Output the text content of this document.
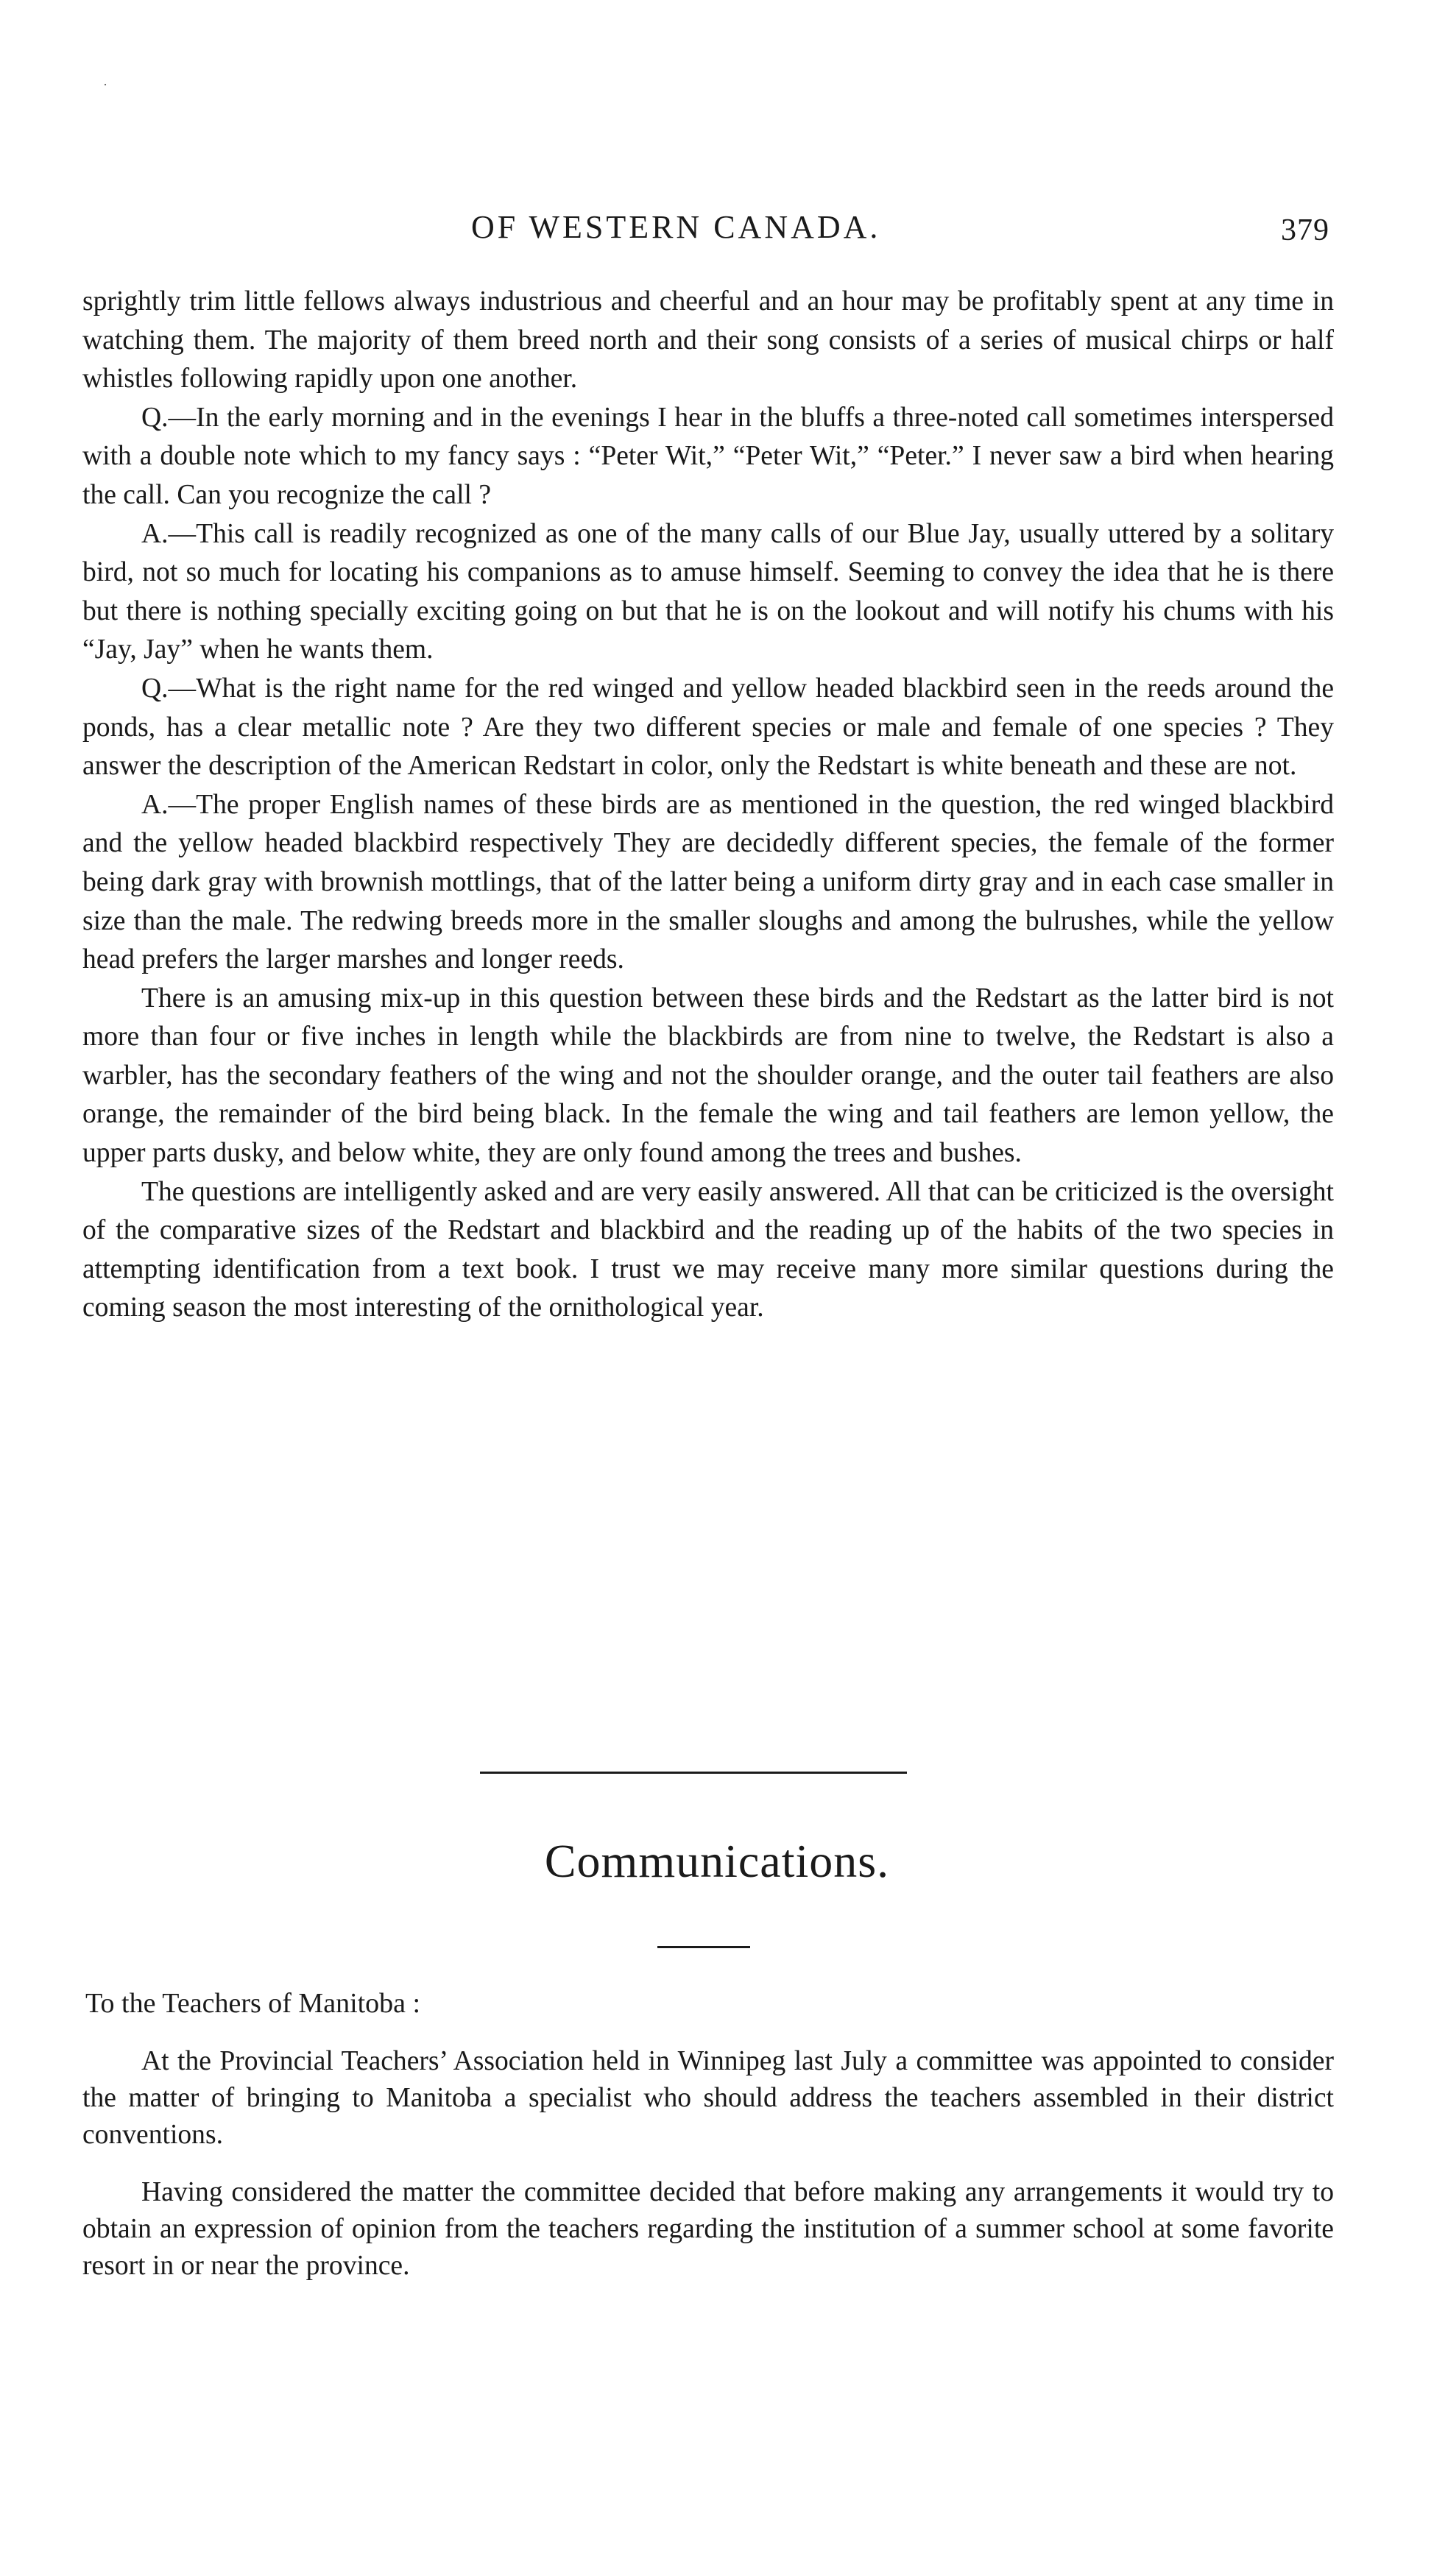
·
OF WESTERN CANADA.	379

sprightly trim little fellows always industrious and cheerful and an hour may be profitably spent at any time in watching them. The majority of them breed north and their song consists of a series of musical chirps or half whistles following rapidly upon one another.

Q.—In the early morning and in the evenings I hear in the bluffs a three-noted call sometimes interspersed with a double note which to my fancy says : “Peter Wit,” “Peter Wit,” “Peter.” I never saw a bird when hearing the call. Can you recognize the call ?

A.—This call is readily recognized as one of the many calls of our Blue Jay, usually uttered by a solitary bird, not so much for locating his companions as to amuse himself. Seeming to convey the idea that he is there but there is nothing specially exciting going on but that he is on the lookout and will notify his chums with his “Jay, Jay” when he wants them.

Q.—What is the right name for the red winged and yellow headed blackbird seen in the reeds around the ponds, has a clear metallic note ? Are they two different species or male and female of one species ? They answer the description of the American Redstart in color, only the Redstart is white beneath and these are not.

A.—The proper English names of these birds are as mentioned in the question, the red winged blackbird and the yellow headed blackbird respectively They are decidedly different species, the female of the former being dark gray with brownish mottlings, that of the latter being a uniform dirty gray and in each case smaller in size than the male. The redwing breeds more in the smaller sloughs and among the bulrushes, while the yellow head prefers the larger marshes and longer reeds.

There is an amusing mix-up in this question between these birds and the Redstart as the latter bird is not more than four or five inches in length while the blackbirds are from nine to twelve, the Redstart is also a warbler, has the secondary feathers of the wing and not the shoulder orange, and the outer tail feathers are also orange, the remainder of the bird being black. In the female the wing and tail feathers are lemon yellow, the upper parts dusky, and below white, they are only found among the trees and bushes.

The questions are intelligently asked and are very easily answered. All that can be criticized is the oversight of the comparative sizes of the Redstart and blackbird and the reading up of the habits of the two species in attempting identification from a text book. I trust we may receive many more similar questions during the coming season the most interesting of the ornithological year.

Communications.
To the Teachers of Manitoba :

At the Provincial Teachers’ Association held in Winnipeg last July a committee was appointed to consider the matter of bringing to Manitoba a specialist who should address the teachers assembled in their district conventions.

Having considered the matter the committee decided that before making any arrangements it would try to obtain an expression of opinion from the teachers regarding the institution of a summer school at some favorite resort in or near the province.
